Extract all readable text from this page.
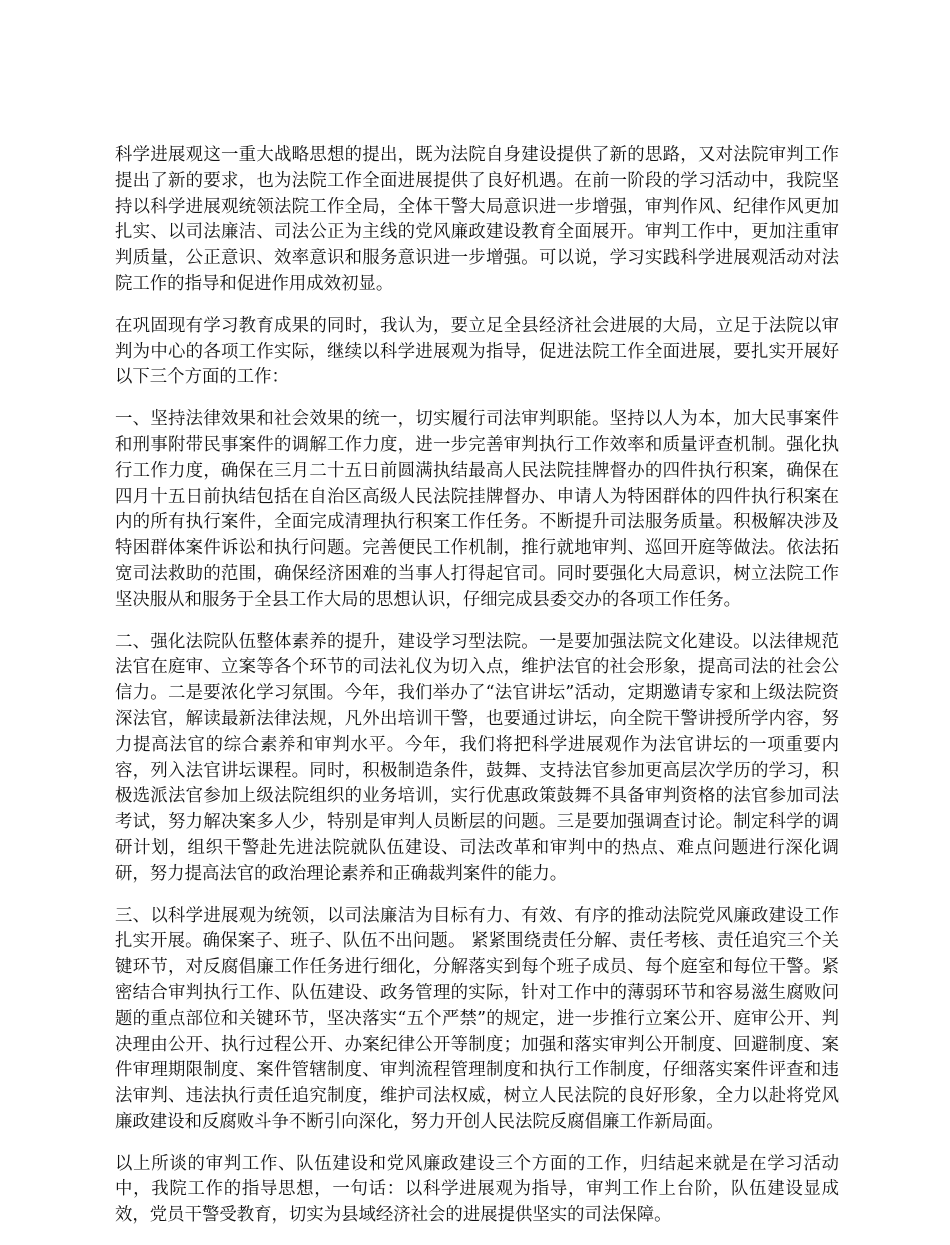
科学进展观这一重大战略思想的提出，既为法院自身建设提供了新的思路，又对法院审判工作提出了新的要求，也为法院工作全面进展提供了良好机遇。在前一阶段的学习活动中，我院坚持以科学进展观统领法院工作全局，全体干警大局意识进一步增强，审判作风、纪律作风更加扎实、以司法廉洁、司法公正为主线的党风廉政建设教育全面展开。审判工作中，更加注重审判质量，公正意识、效率意识和服务意识进一步增强。可以说，学习实践科学进展观活动对法院工作的指导和促进作用成效初显。

在巩固现有学习教育成果的同时，我认为，要立足全县经济社会进展的大局，立足于法院以审判为中心的各项工作实际，继续以科学进展观为指导，促进法院工作全面进展，要扎实开展好以下三个方面的工作：

一、坚持法律效果和社会效果的统一，切实履行司法审判职能。坚持以人为本，加大民事案件和刑事附带民事案件的调解工作力度，进一步完善审判执行工作效率和质量评查机制。强化执行工作力度，确保在三月二十五日前圆满执结最高人民法院挂牌督办的四件执行积案，确保在四月十五日前执结包括在自治区高级人民法院挂牌督办、申请人为特困群体的四件执行积案在内的所有执行案件，全面完成清理执行积案工作任务。不断提升司法服务质量。积极解决涉及特困群体案件诉讼和执行问题。完善便民工作机制，推行就地审判、巡回开庭等做法。依法拓宽司法救助的范围，确保经济困难的当事人打得起官司。同时要强化大局意识，树立法院工作坚决服从和服务于全县工作大局的思想认识，仔细完成县委交办的各项工作任务。

二、强化法院队伍整体素养的提升，建设学习型法院。一是要加强法院文化建设。以法律规范法官在庭审、立案等各个环节的司法礼仪为切入点，维护法官的社会形象，提高司法的社会公信力。二是要浓化学习氛围。今年，我们举办了“法官讲坛”活动，定期邀请专家和上级法院资深法官，解读最新法律法规，凡外出培训干警，也要通过讲坛，向全院干警讲授所学内容，努力提高法官的综合素养和审判水平。今年，我们将把科学进展观作为法官讲坛的一项重要内容，列入法官讲坛课程。同时，积极制造条件，鼓舞、支持法官参加更高层次学历的学习，积极选派法官参加上级法院组织的业务培训，实行优惠政策鼓舞不具备审判资格的法官参加司法考试，努力解决案多人少，特别是审判人员断层的问题。三是要加强调查讨论。制定科学的调研计划，组织干警赴先进法院就队伍建设、司法改革和审判中的热点、难点问题进行深化调研，努力提高法官的政治理论素养和正确裁判案件的能力。

三、以科学进展观为统领，以司法廉洁为目标有力、有效、有序的推动法院党风廉政建设工作扎实开展。确保案子、班子、队伍不出问题。 紧紧围绕责任分解、责任考核、责任追究三个关键环节，对反腐倡廉工作任务进行细化，分解落实到每个班子成员、每个庭室和每位干警。紧密结合审判执行工作、队伍建设、政务管理的实际，针对工作中的薄弱环节和容易滋生腐败问题的重点部位和关键环节，坚决落实“五个严禁”的规定，进一步推行立案公开、庭审公开、判决理由公开、执行过程公开、办案纪律公开等制度；加强和落实审判公开制度、回避制度、案件审理期限制度、案件管辖制度、审判流程管理制度和执行工作制度，仔细落实案件评查和违法审判、违法执行责任追究制度，维护司法权威，树立人民法院的良好形象，全力以赴将党风廉政建设和反腐败斗争不断引向深化，努力开创人民法院反腐倡廉工作新局面。

以上所谈的审判工作、队伍建设和党风廉政建设三个方面的工作，归结起来就是在学习活动中，我院工作的指导思想，一句话：以科学进展观为指导，审判工作上台阶，队伍建设显成效，党员干警受教育，切实为县域经济社会的进展提供坚实的司法保障。
